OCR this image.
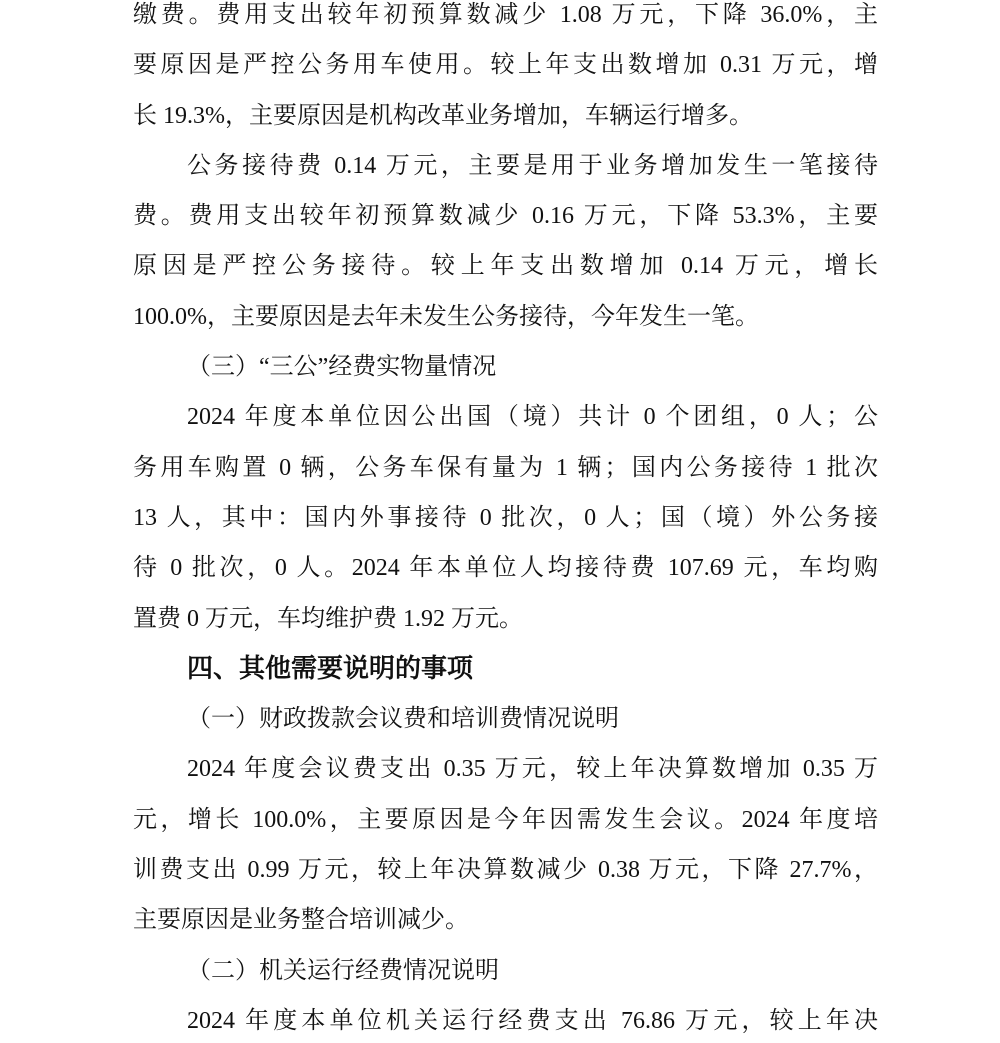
缴费。费用支出较年初预算数减少 1.08 万元，下降 36.0%，主
要原因是严控公务用车使用。较上年支出数增加 0.31 万元，增
长 19.3%，主要原因是机构改革业务增加，车辆运行增多。
公务接待费 0.14 万元，主要是用于业务增加发生一笔接待
费。费用支出较年初预算数减少 0.16 万元，下降 53.3%，主要
原因是严控公务接待。较上年支出数增加 0.14 万元，增长
100.0%，主要原因是去年未发生公务接待，今年发生一笔。
（三）“三公”经费实物量情况
2024 年度本单位因公出国（境）共计 0 个团组，0 人；公
务用车购置 0 辆，公务车保有量为 1 辆；国内公务接待 1 批次
13 人，其中：国内外事接待 0 批次，0 人；国（境）外公务接
待 0 批次，0 人。2024 年本单位人均接待费 107.69 元，车均购
置费 0 万元，车均维护费 1.92 万元。
四、其他需要说明的事项
（一）财政拨款会议费和培训费情况说明
2024 年度会议费支出 0.35 万元，较上年决算数增加 0.35 万
元，增长 100.0%，主要原因是今年因需发生会议。2024 年度培
训费支出 0.99 万元，较上年决算数减少 0.38 万元，下降 27.7%，
主要原因是业务整合培训减少。
（二）机关运行经费情况说明
2024 年度本单位机关运行经费支出 76.86 万元，较上年决
